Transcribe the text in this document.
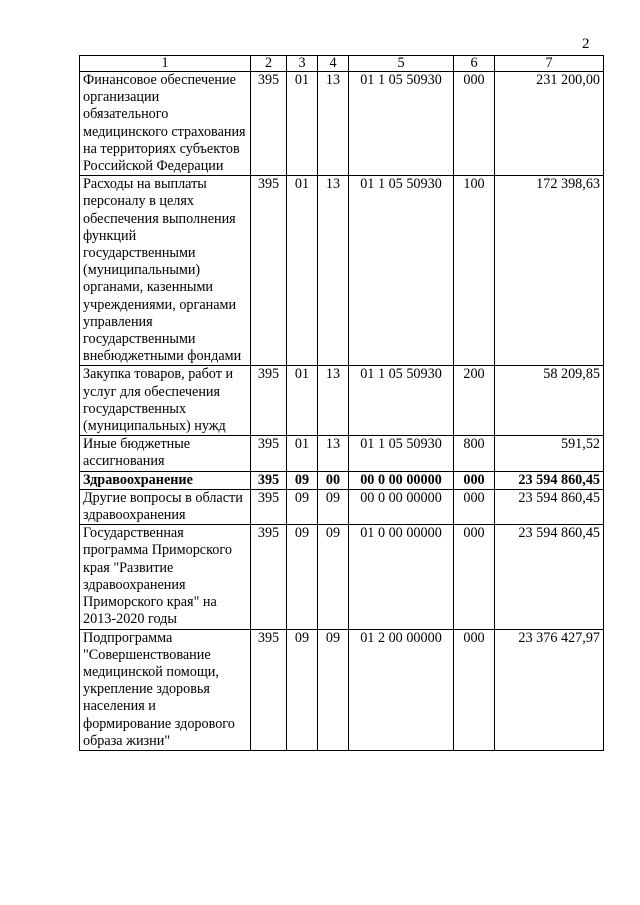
2
1	2	3	4	5	6	7
Финансовое обеспечение организации обязательного медицинского страхования на территориях субъектов Российской Федерации	395	01	13	01 1 05 50930	000	231 200,00
Расходы на выплаты персоналу в целях обеспечения выполнения функций государственными (муниципальными) органами, казенными учреждениями, органами управления государственными внебюджетными фондами	395	01	13	01 1 05 50930	100	172 398,63
Закупка товаров, работ и услуг для обеспечения государственных (муниципальных) нужд	395	01	13	01 1 05 50930	200	58 209,85
Иные бюджетные ассигнования	395	01	13	01 1 05 50930	800	591,52
Здравоохранение	395	09	00	00 0 00 00000	000	23 594 860,45
Другие вопросы в области здравоохранения	395	09	09	00 0 00 00000	000	23 594 860,45
Государственная программа Приморского края "Развитие здравоохранения Приморского края" на 2013-2020 годы	395	09	09	01 0 00 00000	000	23 594 860,45
Подпрограмма "Совершенствование медицинской помощи, укрепление здоровья населения и формирование здорового образа жизни"	395	09	09	01 2 00 00000	000	23 376 427,97
